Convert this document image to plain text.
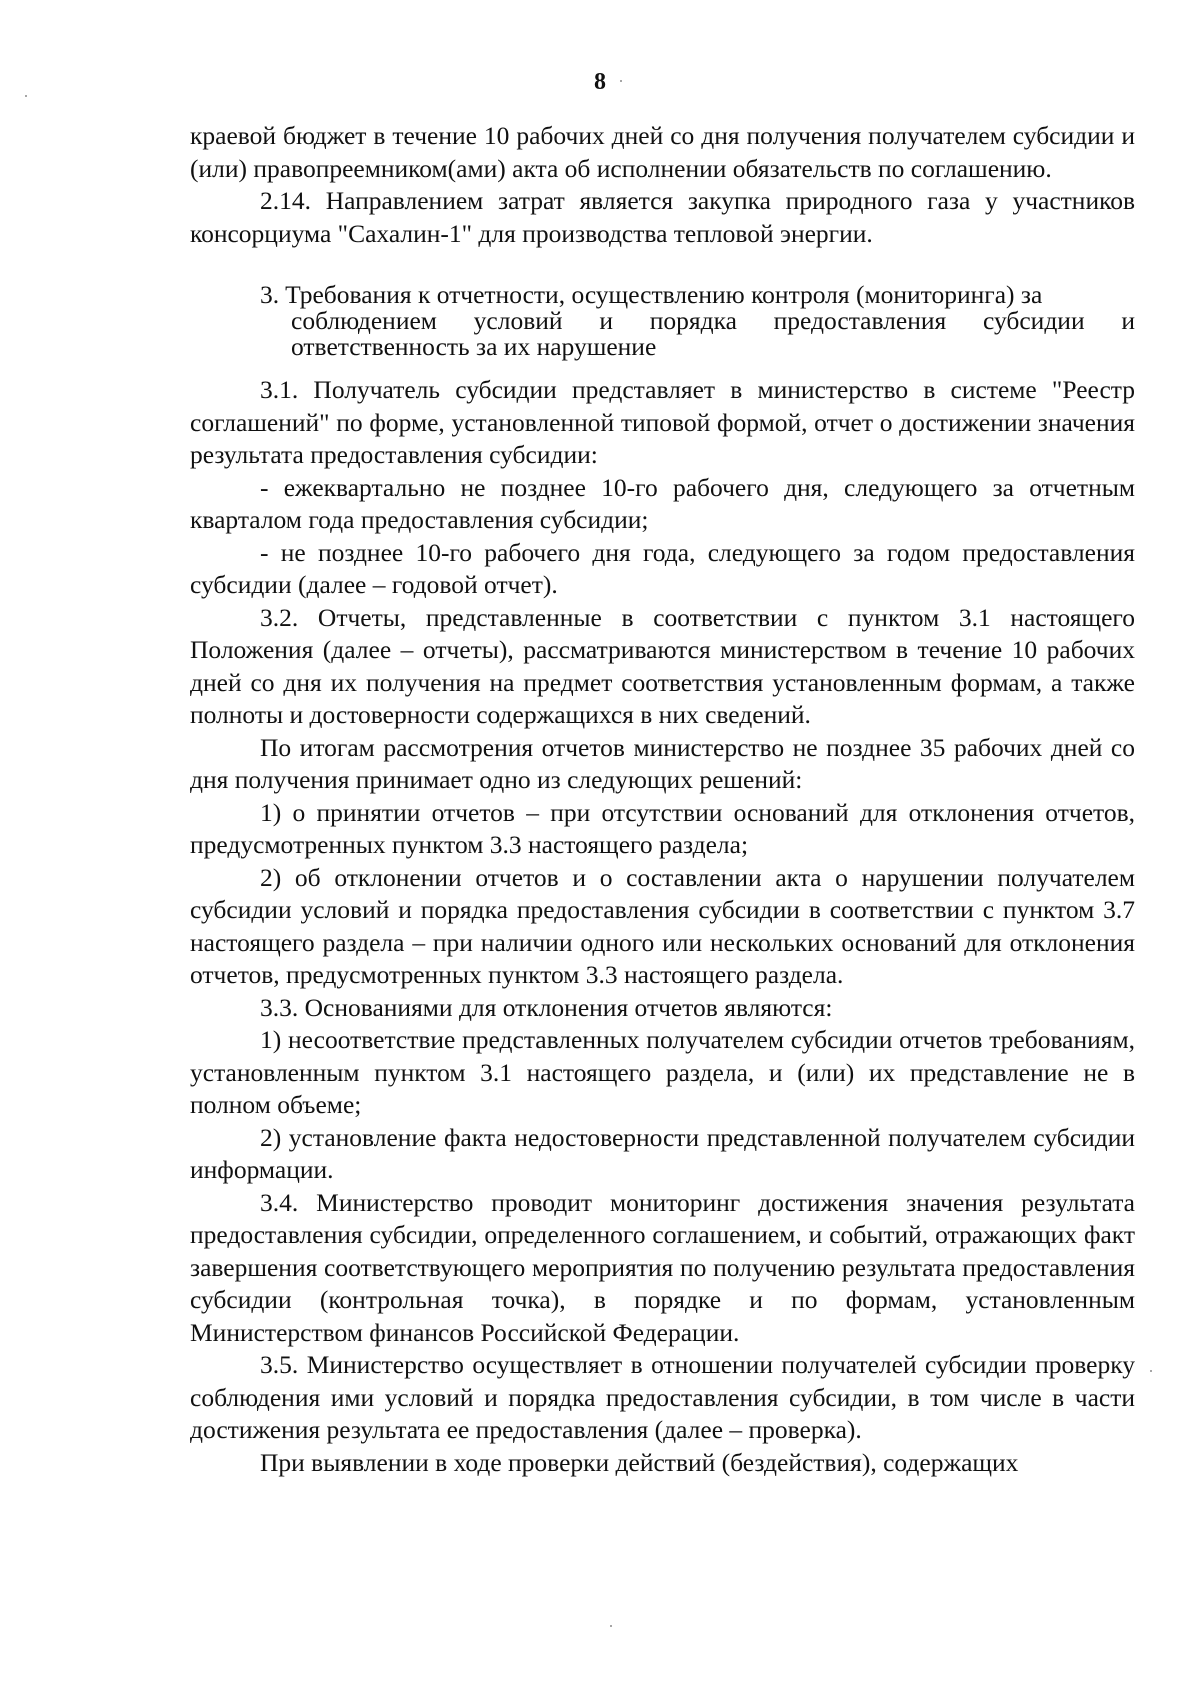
8

краевой бюджет в течение 10 рабочих дней со дня получения получателем субсидии и (или) правопреемником(ами) акта об исполнении обязательств по соглашению.

2.14. Направлением затрат является закупка природного газа у участников консорциума "Сахалин-1" для производства тепловой энергии.

3. Требования к отчетности, осуществлению контроля (мониторинга) за
соблюдением условий и порядка предоставления субсидии и ответственность за их нарушение

3.1. Получатель субсидии представляет в министерство в системе "Реестр соглашений" по форме, установленной типовой формой, отчет о достижении значения результата предоставления субсидии:

- ежеквартально не позднее 10-го рабочего дня, следующего за отчетным кварталом года предоставления субсидии;

- не позднее 10-го рабочего дня года, следующего за годом предоставления субсидии (далее – годовой отчет).

3.2. Отчеты, представленные в соответствии с пунктом 3.1 настоящего Положения (далее – отчеты), рассматриваются министерством в течение 10 рабочих дней со дня их получения на предмет соответствия установленным формам, а также полноты и достоверности содержащихся в них сведений.

По итогам рассмотрения отчетов министерство не позднее 35 рабочих дней со дня получения принимает одно из следующих решений:

1) о принятии отчетов – при отсутствии оснований для отклонения отчетов, предусмотренных пунктом 3.3 настоящего раздела;

2) об отклонении отчетов и о составлении акта о нарушении получателем субсидии условий и порядка предоставления субсидии в соответствии с пунктом 3.7 настоящего раздела – при наличии одного или нескольких оснований для отклонения отчетов, предусмотренных пунктом 3.3 настоящего раздела.

3.3. Основаниями для отклонения отчетов являются:

1) несоответствие представленных получателем субсидии отчетов требованиям, установленным пунктом 3.1 настоящего раздела, и (или) их представление не в полном объеме;

2) установление факта недостоверности представленной получателем субсидии информации.

3.4. Министерство проводит мониторинг достижения значения результата предоставления субсидии, определенного соглашением, и событий, отражающих факт завершения соответствующего мероприятия по получению результата предоставления субсидии (контрольная точка), в порядке и по формам, установленным Министерством финансов Российской Федерации.

3.5. Министерство осуществляет в отношении получателей субсидии проверку соблюдения ими условий и порядка предоставления субсидии, в том числе в части достижения результата ее предоставления (далее – проверка).

При выявлении в ходе проверки действий (бездействия), содержащих
